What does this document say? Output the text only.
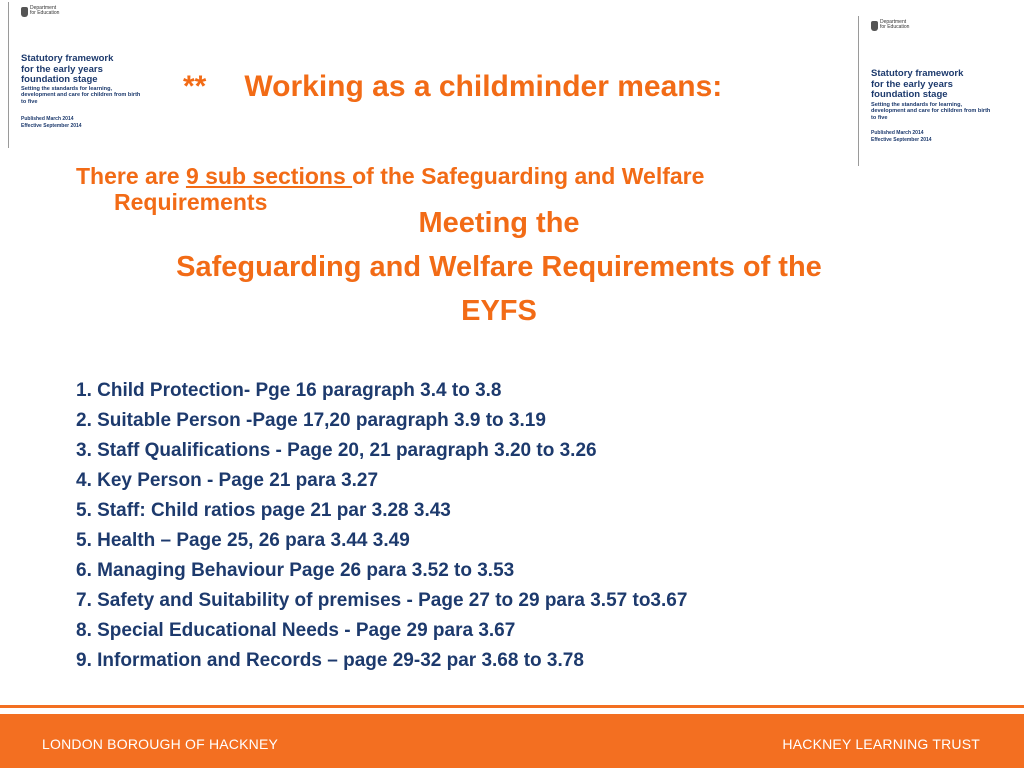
Department
for Education
Statutory framework
for the early years
foundation stage
Setting the standards for learning, development and care for children from birth to five
Published March 2014
Effective September 2014
Department
for Education
Statutory framework
for the early years
foundation stage
Setting the standards for learning, development and care for children from birth to five
Published March 2014
Effective September 2014
** Working as a childminder means:
There are 9 sub sections of the Safeguarding and Welfare
Requirements
Meeting the
Safeguarding and Welfare Requirements of the
EYFS
1. Child Protection- Pge 16 paragraph 3.4 to 3.8
2. Suitable Person -Page 17,20 paragraph 3.9 to 3.19
3. Staff Qualifications - Page 20, 21 paragraph 3.20 to 3.26
4. Key Person - Page 21 para 3.27
5. Staff: Child ratios page 21 par 3.28 3.43
5. Health – Page 25, 26 para 3.44 3.49
6. Managing Behaviour Page 26 para 3.52 to 3.53
7. Safety and Suitability of premises - Page 27 to 29 para 3.57 to3.67
8. Special Educational Needs - Page 29 para 3.67
9. Information and Records – page 29-32 par 3.68 to 3.78
LONDON BOROUGH OF HACKNEY	HACKNEY LEARNING TRUST
